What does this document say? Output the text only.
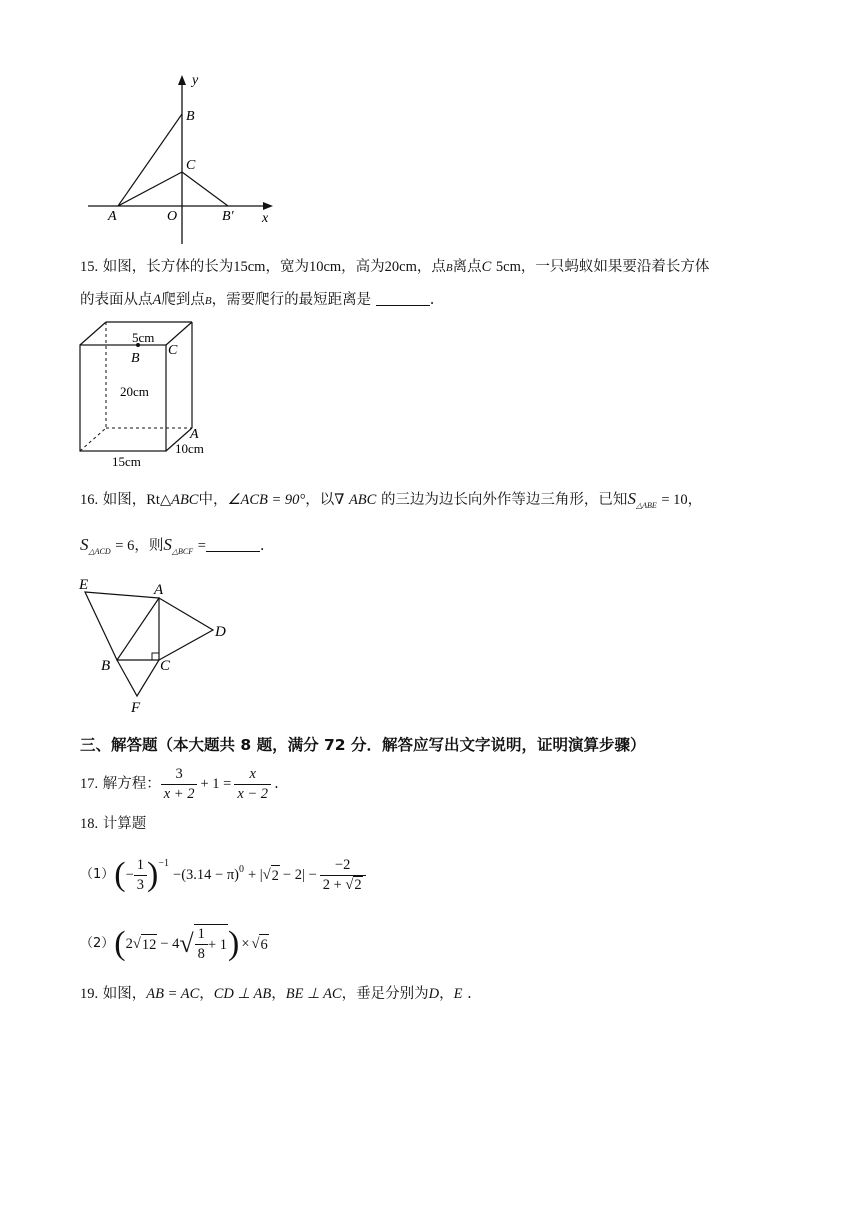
y
x
B
C
A	O	B′
15. 如图，长方体的长为15cm，宽为10cm，高为20cm，点B离点C 5cm，一只蚂蚁如果要沿着长方体
的表面从点A爬到点B，需要爬行的最短距离是	.
5cm
B
C
20cm
A
10cm
15cm
16. 如图，Rt△ABC中，∠ACB = 90°，以∇ ABC 的三边为边长向外作等边三角形，已知$S_{\triangle ABE} = 10$，
$S_{\triangle ACD} = 6$，则$S_{\triangle BCF}$ =	.
E	A
D
B	C
F
三、解答题（本大题共 8 题，满分 72 分．解答应写出文字说明，证明演算步骤）
17.
解方程： $\frac{3}{x + 2} + 1 = \frac{x}{x - 2}$ .
18. 计算题
（1） ( − $\frac{1}{3} )^{-1}$
$-(3.14 - \pi)^0$ + | √ $2 - 2| - \frac{-2}{2 + √2}$
（2） ( 2 √ 12 − 4 √ $\frac{1}{8} + 1$ ) × √ 6
19. 如图，AB = AC，CD ⊥ AB，BE ⊥ AC，垂足分别为D，E .
